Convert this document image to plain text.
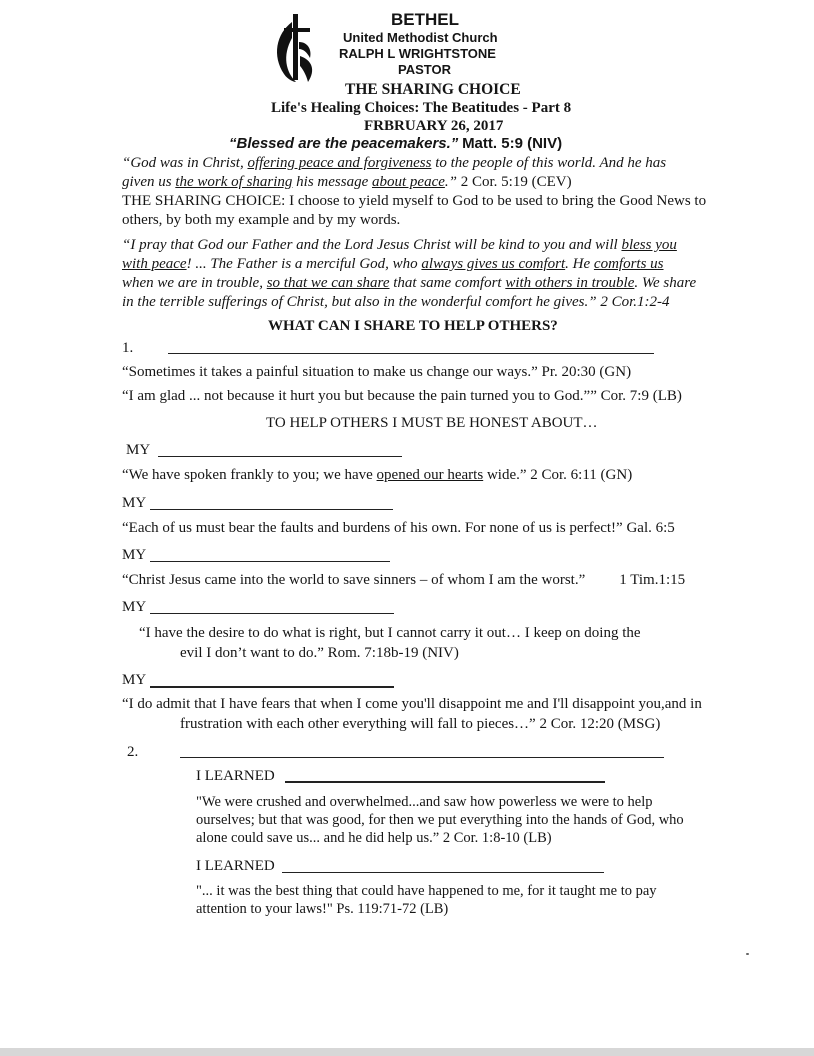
BETHEL
United Methodist Church
RALPH L WRIGHTSTONE
PASTOR
THE SHARING CHOICE
Life's Healing Choices: The Beatitudes - Part 8
FRBRUARY 26, 2017
“Blessed are the peacemakers.” Matt. 5:9 (NIV)
“God was in Christ, offering peace and forgiveness to the people of this world. And he has
given us the work of sharing his message about peace.” 2 Cor. 5:19 (CEV)
THE SHARING CHOICE: I choose to yield myself to God to be used to bring the Good News to
others, by both my example and by my words.
“I pray that God our Father and the Lord Jesus Christ will be kind to you and will bless you
with peace! ... The Father is a merciful God, who always gives us comfort. He comforts us
when we are in trouble, so that we can share that same comfort with others in trouble. We share
in the terrible sufferings of Christ, but also in the wonderful comfort he gives.” 2 Cor.1:2-4
WHAT CAN I SHARE TO HELP OTHERS?
1.
“Sometimes it takes a painful situation to make us change our ways.” Pr. 20:30 (GN)
“I am glad ... not because it hurt you but because the pain turned you to God.”” Cor. 7:9 (LB)
TO HELP OTHERS I MUST BE HONEST ABOUT…
MY
“We have spoken frankly to you; we have opened our hearts wide.” 2 Cor. 6:11 (GN)
MY
“Each of us must bear the faults and burdens of his own. For none of us is perfect!” Gal. 6:5
MY
“Christ Jesus came into the world to save sinners – of whom I am the worst.” 1 Tim.1:15
MY
“I have the desire to do what is right, but I cannot carry it out… I keep on doing the
evil I don’t want to do.” Rom. 7:18b-19 (NIV)
MY
“I do admit that I have fears that when I come you'll disappoint me and I'll disappoint you,and in
frustration with each other everything will fall to pieces…” 2 Cor. 12:20 (MSG)
2.
I LEARNED
"We were crushed and overwhelmed...and saw how powerless we were to help
ourselves; but that was good, for then we put everything into the hands of God, who
alone could save us... and he did help us.” 2 Cor. 1:8-10 (LB)
I LEARNED
"... it was the best thing that could have happened to me, for it taught me to pay
attention to your laws!" Ps. 119:71-72 (LB)
